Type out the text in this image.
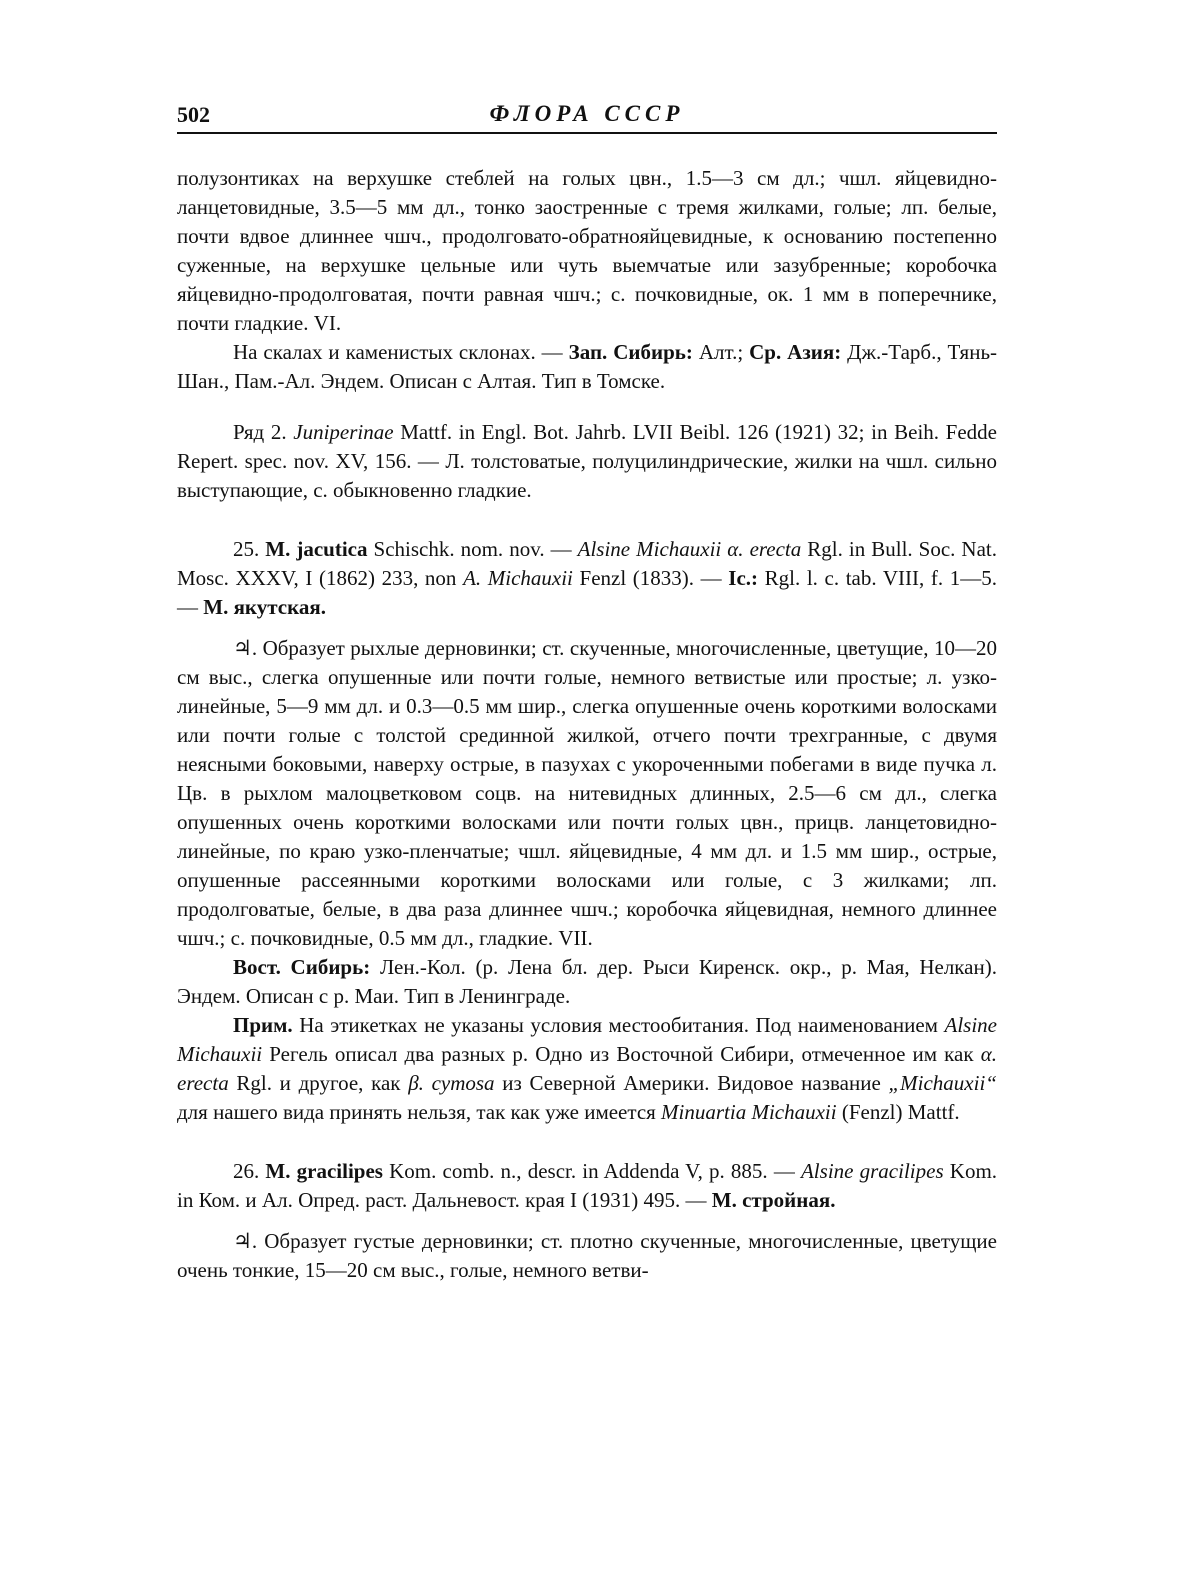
502	ФЛОРА СССР

полузонтиках на верхушке стеблей на голых цвн., 1.5—3 см дл.; чшл. яйцевидно-ланцетовидные, 3.5—5 мм дл., тонко заостренные с тремя жилками, голые; лп. белые, почти вдвое длиннее чшч., продолговато-обратнояйцевидные, к основанию постепенно суженные, на верхушке цельные или чуть выемчатые или зазубренные; коробочка яйцевидно-продолговатая, почти равная чшч.; с. почковидные, ок. 1 мм в поперечнике, почти гладкие. VI.

На скалах и каменистых склонах. — Зап. Сибирь: Алт.; Ср. Азия: Дж.-Тарб., Тянь-Шан., Пам.-Ал. Эндем. Описан с Алтая. Тип в Томске.

Ряд 2. Juniperinae Mattf. in Engl. Bot. Jahrb. LVII Beibl. 126 (1921) 32; in Beih. Fedde Repert. spec. nov. XV, 156. — Л. толстоватые, полуцилиндрические, жилки на чшл. сильно выступающие, с. обыкновенно гладкие.

25. M. jacutica Schischk. nom. nov. — Alsine Michauxii α. erecta Rgl. in Bull. Soc. Nat. Mosc. XXXV, I (1862) 233, non A. Michauxii Fenzl (1833). — Ic.: Rgl. l. c. tab. VIII, f. 1—5. — М. якутская.

♃. Образует рыхлые дерновинки; ст. скученные, многочисленные, цветущие, 10—20 см выс., слегка опушенные или почти голые, немного ветвистые или простые; л. узко-линейные, 5—9 мм дл. и 0.3—0.5 мм шир., слегка опушенные очень короткими волосками или почти голые с толстой срединной жилкой, отчего почти трехгранные, с двумя неясными боковыми, наверху острые, в пазухах с укороченными побегами в виде пучка л. Цв. в рыхлом малоцветковом соцв. на нитевидных длинных, 2.5—6 см дл., слегка опушенных очень короткими волосками или почти голых цвн., прицв. ланцетовидно-линейные, по краю узко-пленчатые; чшл. яйцевидные, 4 мм дл. и 1.5 мм шир., острые, опушенные рассеянными короткими волосками или голые, с 3 жилками; лп. продолговатые, белые, в два раза длиннее чшч.; коробочка яйцевидная, немного длиннее чшч.; с. почковидные, 0.5 мм дл., гладкие. VII.

Вост. Сибирь: Лен.-Кол. (р. Лена бл. дер. Рыси Киренск. окр., р. Мая, Нелкан). Эндем. Описан с р. Маи. Тип в Ленинграде.

Прим. На этикетках не указаны условия местообитания. Под наименованием Alsine Michauxii Регель описал два разных р. Одно из Восточной Сибири, отмеченное им как α. erecta Rgl. и другое, как β. cymosa из Северной Америки. Видовое название „Michauxii“ для нашего вида принять нельзя, так как уже имеется Minuartia Michauxii (Fenzl) Mattf.

26. M. gracilipes Kom. comb. n., descr. in Addenda V, p. 885. — Alsine gracilipes Kom. in Ком. и Ал. Опред. раст. Дальневост. края I (1931) 495. — М. стройная.

♃. Образует густые дерновинки; ст. плотно скученные, многочисленные, цветущие очень тонкие, 15—20 см выс., голые, немного ветви-
